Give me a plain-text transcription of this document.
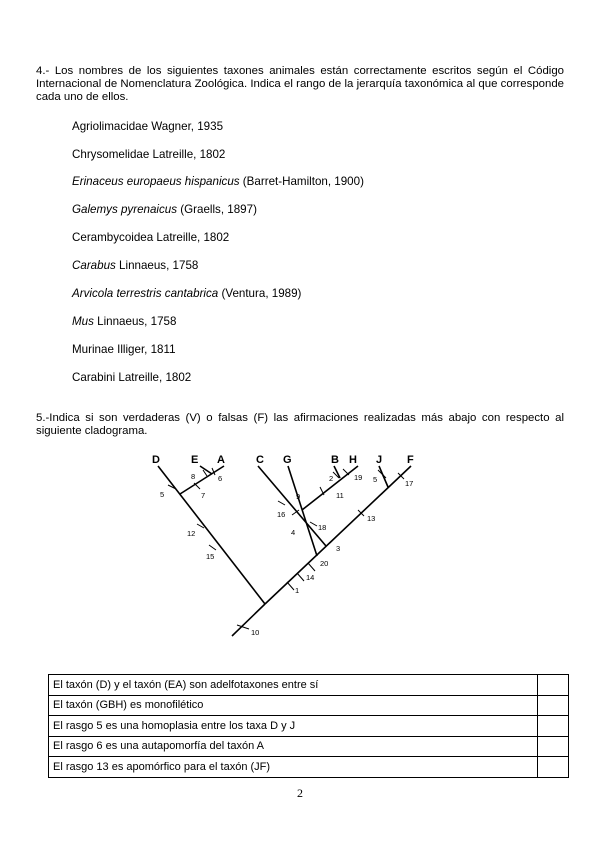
4.- Los nombres de los siguientes taxones animales están correctamente escritos según el Código Internacional de Nomenclatura Zoológica. Indica el rango de la jerarquía taxonómica al que corresponde cada uno de ellos.
Agriolimacidae Wagner, 1935
Chrysomelidae Latreille, 1802
Erinaceus europaeus hispanicus (Barret-Hamilton, 1900)
Galemys pyrenaicus (Graells, 1897)
Cerambycoidea Latreille, 1802
Carabus Linnaeus, 1758
Arvicola terrestris cantabrica (Ventura, 1989)
Mus Linnaeus, 1758
Murinae Illiger, 1811
Carabini Latreille, 1802
5.-Indica si son verdaderas (V) o falsas (F) las afirmaciones realizadas más abajo con respecto al siguiente cladograma.
D	E A	C G	B H J F
8	6
5	7
12
15
2	19
11
9
16
4
18
5	17
13
3
20
14
1
10
El taxón (D) y el taxón (EA) son adelfotaxones entre sí	
El taxón (GBH) es monofilético	
El rasgo 5 es una homoplasia entre los taxa D y J	
El rasgo 6 es una autapomorfía del taxón A	
El rasgo 13 es apomórfico para el taxón (JF)	
2
